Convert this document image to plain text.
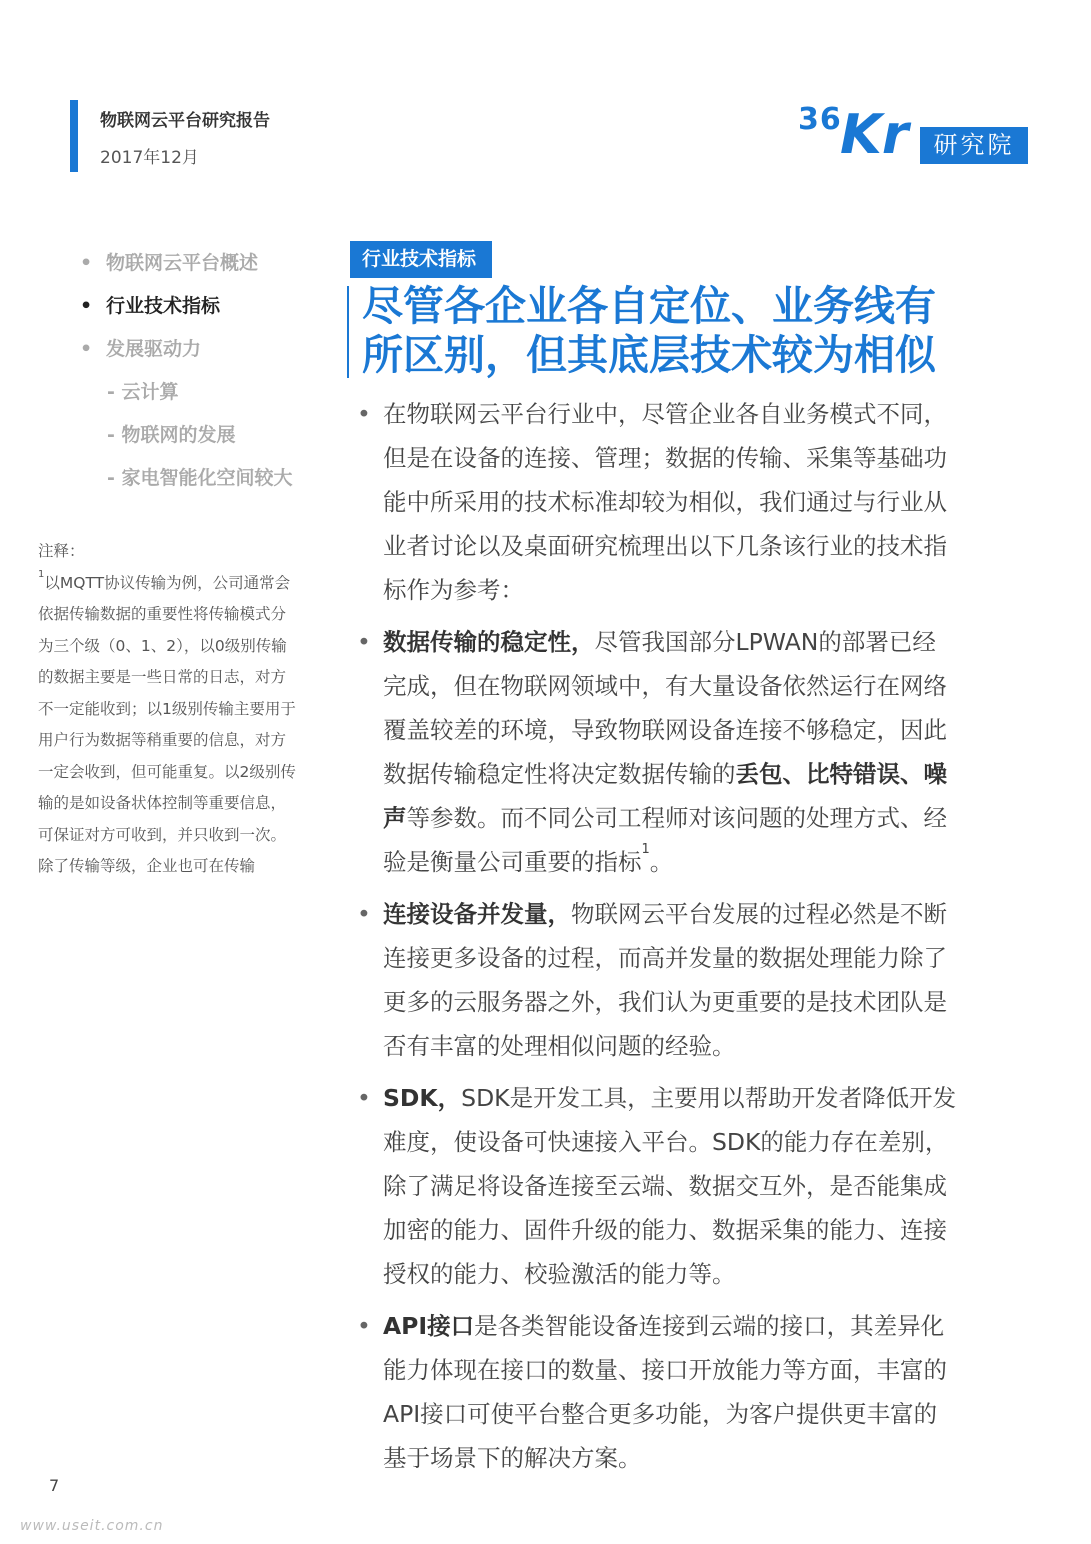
物联网云平台研究报告
2017年12月
36
Kr	研究院
• 物联网云平台概述
• 行业技术指标
• 发展驱动力
- 云计算
- 物联网的发展
- 家电智能化空间较大

注释：

$^1$以MQTT协议传输为例，公司通常会

依据传输数据的重要性将传输模式分

为三个级（0、1、2），以0级别传输

的数据主要是一些日常的日志，对方

不一定能收到；以1级别传输主要用于

用户行为数据等稍重要的信息，对方

一定会收到，但可能重复。以2级别传

输的是如设备状体控制等重要信息，

可保证对方可收到，并只收到一次。

除了传输等级，企业也可在传输

行业技术指标
尽管各企业各自定位、业务线有
所区别，但其底层技术较为相似
• 在物联网云平台行业中，尽管企业各自业务模式不同，
但是在设备的连接、管理；数据的传输、采集等基础功
能中所采用的技术标准却较为相似，我们通过与行业从
业者讨论以及桌面研究梳理出以下几条该行业的技术指
标作为参考：
• 数据传输的稳定性，尽管我国部分LPWAN的部署已经
完成，但在物联网领域中，有大量设备依然运行在网络
覆盖较差的环境，导致物联网设备连接不够稳定，因此
数据传输稳定性将决定数据传输的丢包、比特错误、噪
声等参数。而不同公司工程师对该问题的处理方式、经
验是衡量公司重要的指标$^1$。
• 连接设备并发量，物联网云平台发展的过程必然是不断
连接更多设备的过程，而高并发量的数据处理能力除了
更多的云服务器之外，我们认为更重要的是技术团队是
否有丰富的处理相似问题的经验。
• SDK，SDK是开发工具，主要用以帮助开发者降低开发
难度，使设备可快速接入平台。SDK的能力存在差别，
除了满足将设备连接至云端、数据交互外，是否能集成
加密的能力、固件升级的能力、数据采集的能力、连接
授权的能力、校验激活的能力等。
• API接口是各类智能设备连接到云端的接口，其差异化
能力体现在接口的数量、接口开放能力等方面，丰富的
API接口可使平台整合更多功能，为客户提供更丰富的
基于场景下的解决方案。
7
www.useit.com.cn
